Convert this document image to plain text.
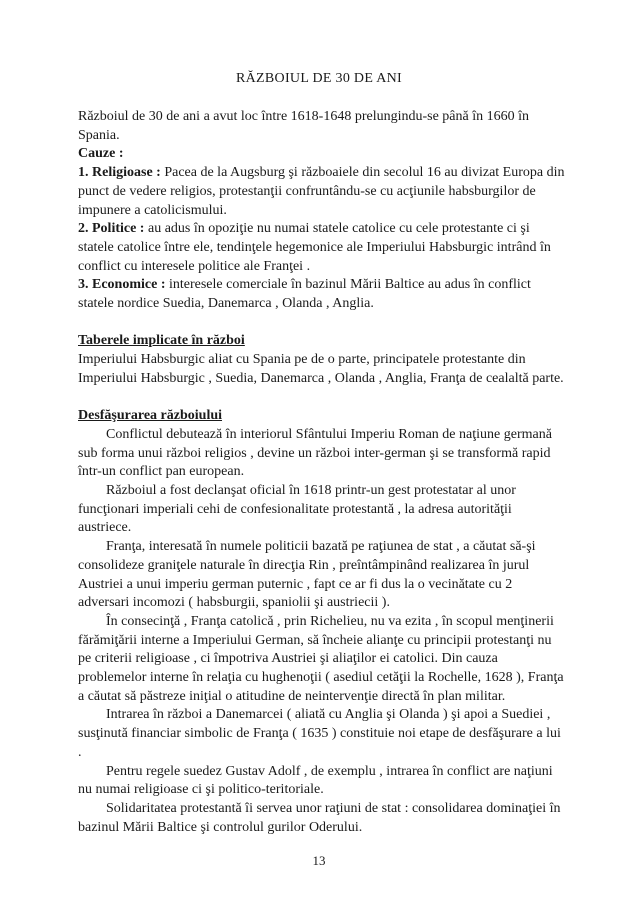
RĂZBOIUL DE 30 DE ANI

Războiul de 30 de ani a avut loc între 1618-1648 prelungindu-se până în 1660 în Spania.

Cauze :

1. Religioase : Pacea de la Augsburg şi războaiele din secolul 16 au divizat Europa din punct de vedere religios, protestanţii confruntându-se cu acţiunile habsburgilor de impunere a catolicismului.

2. Politice : au adus în opoziţie nu numai statele catolice cu cele protestante ci şi statele catolice între ele, tendinţele hegemonice ale Imperiului Habsburgic intrând în conflict cu interesele politice ale Franţei .

3. Economice : interesele comerciale în bazinul Mării Baltice au adus în conflict statele nordice Suedia, Danemarca , Olanda , Anglia.

Taberele implicate în război

Imperiului Habsburgic aliat cu Spania pe de o parte, principatele protestante din Imperiului Habsburgic , Suedia, Danemarca , Olanda , Anglia, Franţa de cealaltă parte.

Desfăşurarea războiului

Conflictul debutează în interiorul Sfântului Imperiu Roman de naţiune germană sub forma unui război religios , devine un război inter-german şi se transformă rapid într-un conflict pan european.

Războiul a fost declanşat oficial în 1618 printr-un gest protestatar al unor funcţionari imperiali cehi de confesionalitate protestantă , la adresa autorităţii austriece.

Franţa, interesată în numele politicii bazată pe raţiunea de stat , a căutat să-şi consolideze graniţele naturale în direcţia Rin , preîntâmpinând realizarea în jurul Austriei a unui imperiu german puternic , fapt ce ar fi dus la o vecinătate cu 2 adversari incomozi ( habsburgii, spaniolii şi austriecii ).

În consecinţă , Franţa catolică , prin Richelieu, nu va ezita , în scopul menţinerii fărămiţării interne a Imperiului German, să încheie alianţe cu principii protestanţi nu pe criterii religioase , ci împotriva Austriei şi aliaţilor ei catolici. Din cauza problemelor interne în relaţia cu hughenoţii ( asediul cetăţii la Rochelle, 1628 ), Franţa a căutat să păstreze iniţial o atitudine de neintervenţie directă în plan militar.

Intrarea în război a Danemarcei ( aliată cu Anglia şi Olanda ) şi apoi a Suediei , susţinută financiar simbolic de Franţa ( 1635 ) constituie noi etape de desfăşurare a lui .

Pentru regele suedez Gustav Adolf , de exemplu , intrarea în conflict are naţiuni nu numai religioase ci şi politico-teritoriale.

Solidaritatea protestantă îi servea unor raţiuni de stat : consolidarea dominaţiei în bazinul Mării Baltice şi controlul gurilor Oderului.

13
